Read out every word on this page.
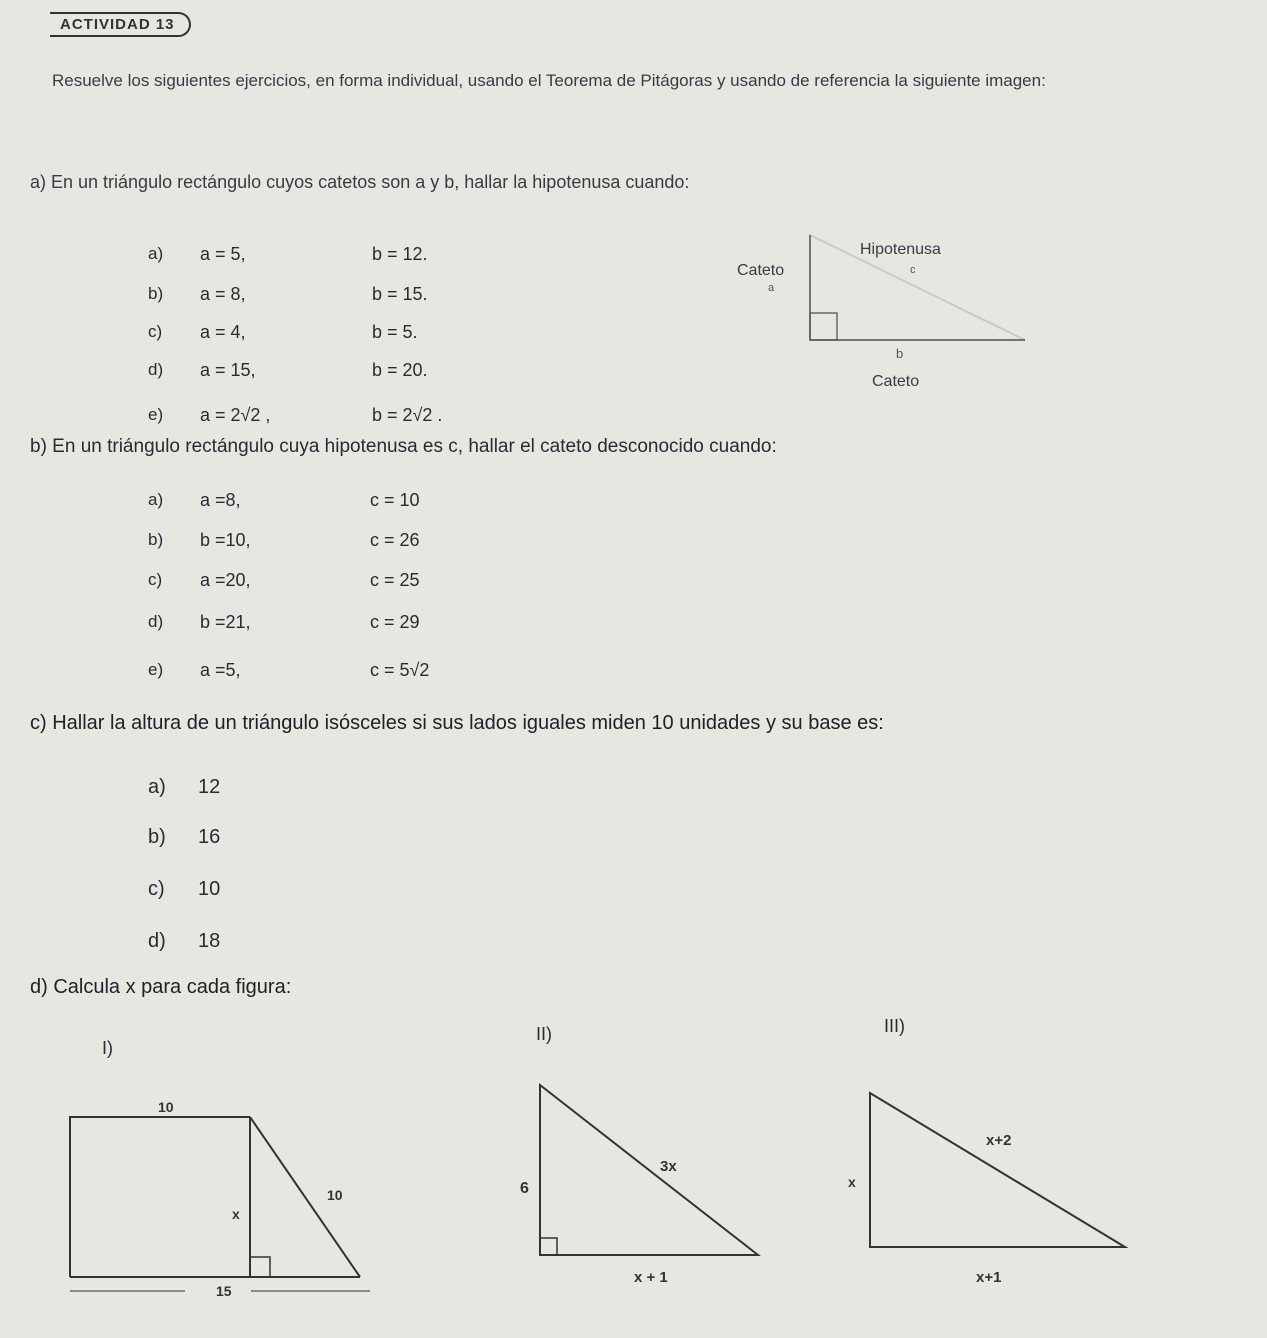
ACTIVIDAD 13
Resuelve los siguientes ejercicios, en forma individual, usando el Teorema de Pitágoras y usando de referencia la siguiente imagen:
a) En un triángulo rectángulo cuyos catetos son a y b, hallar la hipotenusa cuando:
a) a = 5,	b = 12.
b) a = 8,	b = 15.
c) a = 4,	b = 5.
d) a = 15,	b = 20.
e) a = 2√2 ,	b = 2√2 .
Hipotenusa
c
Cateto
a
b
Cateto
b) En un triángulo rectángulo cuya hipotenusa es c, hallar el cateto desconocido cuando:
a) a =8,	c = 10
b) b =10,	c = 26
c) a =20,	c = 25
d) b =21,	c = 29
e) a =5,	c = 5√2
c) Hallar la altura de un triángulo isósceles si sus lados iguales miden 10 unidades y su base es:
a) 12
b) 16
c) 10
d) 18
d) Calcula x para cada figura:
I)
II)	III)
10
10
x
15
6
3x
x + 1
x
x+2
x+1
